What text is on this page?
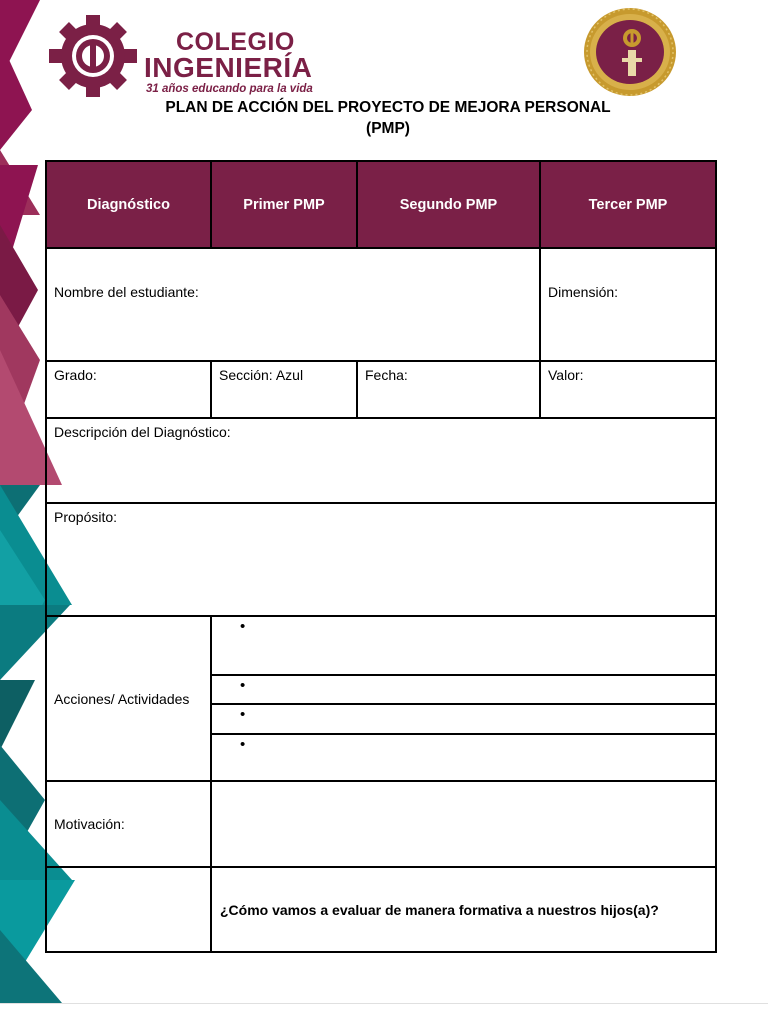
COLEGIO
INGENIERÍA
31 años educando para la vida
PLAN DE ACCIÓN DEL PROYECTO DE MEJORA PERSONAL
(PMP)
Diagnóstico	Primer PMP	Segundo PMP	Tercer PMP
Nombre del estudiante:			Dimensión:
Grado:	Sección: Azul	Fecha:	Valor:
Descripción del Diagnóstico:			
Propósito:			
Acciones/ Actividades	•		
	•		
	•		
	•		
Motivación:			
	¿Cómo vamos a evaluar de manera formativa a nuestros hijos(a)?		
